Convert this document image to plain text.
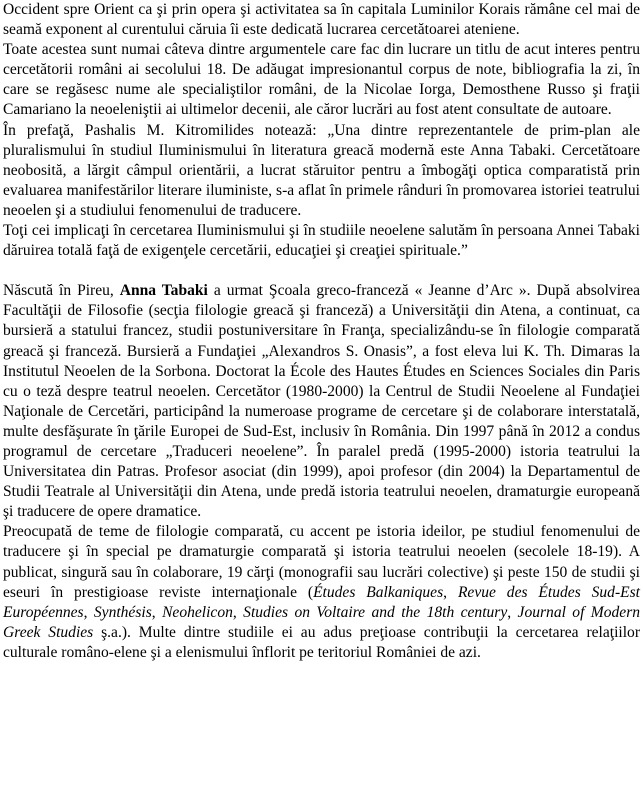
Occident spre Orient ca şi prin opera şi activitatea sa în capitala Luminilor Korais rămâne cel mai de seamă exponent al curentului căruia îi este dedicată lucrarea cercetătoarei ateniene.

Toate acestea sunt numai câteva dintre argumentele care fac din lucrare un titlu de acut interes pentru cercetătorii români ai secolului 18. De adăugat impresionantul corpus de note, bibliografia la zi, în care se regăsesc nume ale specialiştilor români, de la Nicolae Iorga, Demosthene Russo şi fraţii Camariano la neoeleniştii ai ultimelor decenii, ale căror lucrări au fost atent consultate de autoare.

În prefaţă, Pashalis M. Kitromilides notează: „Una dintre reprezentantele de prim-plan ale pluralismului în studiul Iluminismului în literatura greacă modernă este Anna Tabaki. Cercetătoare neobosită, a lărgit câmpul orientării, a lucrat stăruitor pentru a îmbogăţi optica comparatistă prin evaluarea manifestărilor literare iluministe, s-a aflat în primele rânduri în promovarea istoriei teatrului neoelen şi a studiului fenomenului de traducere.

Toţi cei implicaţi în cercetarea Iluminismului şi în studiile neoelene salutăm în persoana Annei Tabaki dăruirea totală faţă de exigenţele cercetării, educaţiei şi creaţiei spirituale.”

Născută în Pireu, Anna Tabaki a urmat Şcoala greco-franceză « Jeanne d’Arc ». După absolvirea Facultăţii de Filosofie (secţia filologie greacă şi franceză) a Universităţii din Atena, a continuat, ca bursieră a statului francez, studii postuniversitare în Franţa, specializându-se în filologie comparată greacă şi franceză. Bursieră a Fundaţiei „Alexandros S. Onasis”, a fost eleva lui K. Th. Dimaras la Institutul Neoelen de la Sorbona. Doctorat la École des Hautes Études en Sciences Sociales din Paris cu o teză despre teatrul neoelen. Cercetător (1980-2000) la Centrul de Studii Neoelene al Fundaţiei Naţionale de Cercetări, participând la numeroase programe de cercetare şi de colaborare interstatală, multe desfăşurate în ţările Europei de Sud-Est, inclusiv în România. Din 1997 până în 2012 a condus programul de cercetare „Traduceri neoelene”. În paralel predă (1995-2000) istoria teatrului la Universitatea din Patras. Profesor asociat (din 1999), apoi profesor (din 2004) la Departamentul de Studii Teatrale al Universităţii din Atena, unde predă istoria teatrului neoelen, dramaturgie europeană şi traducere de opere dramatice.

Preocupată de teme de filologie comparată, cu accent pe istoria ideilor, pe studiul fenomenului de traducere şi în special pe dramaturgie comparată şi istoria teatrului neoelen (secolele 18-19). A publicat, singură sau în colaborare, 19 cărţi (monografii sau lucrări colective) şi peste 150 de studii şi eseuri în prestigioase reviste internaţionale (Études Balkaniques, Revue des Études Sud-Est Européennes, Synthésis, Neohelicon, Studies on Voltaire and the 18th century, Journal of Modern Greek Studies ş.a.). Multe dintre studiile ei au adus preţioase contribuţii la cercetarea relaţiilor culturale româno-elene şi a elenismului înflorit pe teritoriul României de azi.
